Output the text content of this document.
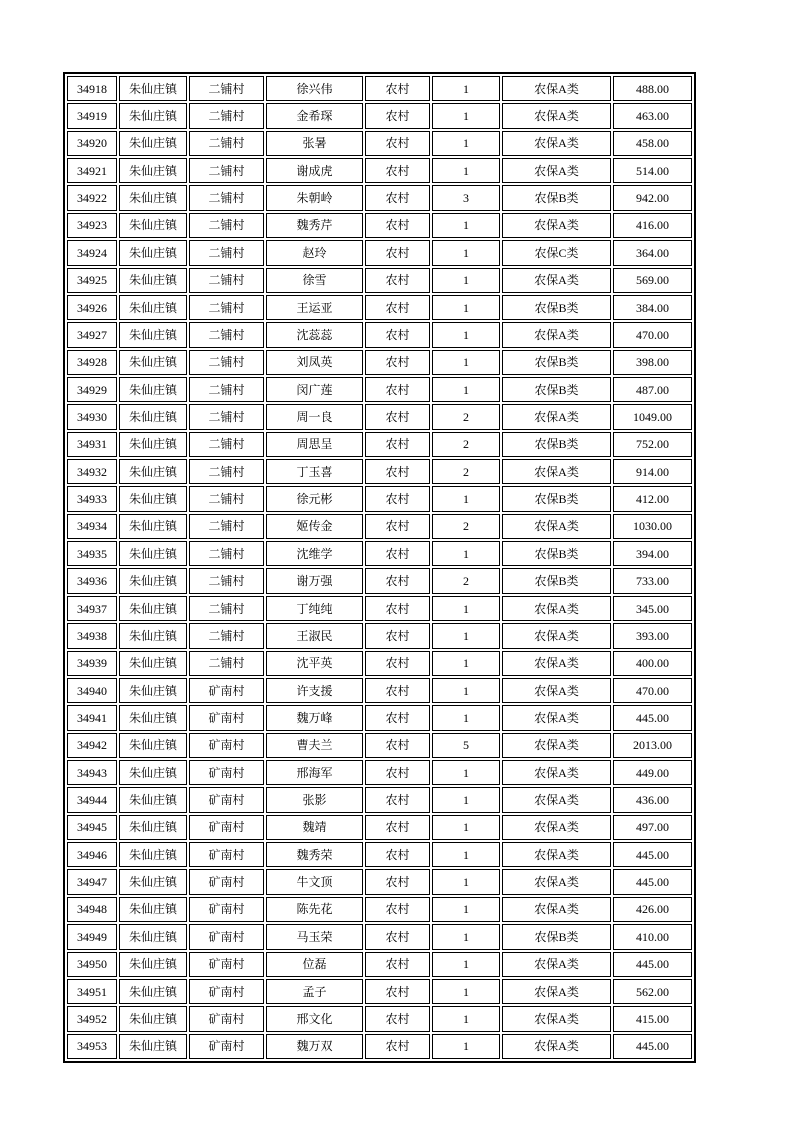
34918	朱仙庄镇	二铺村	徐兴伟	农村	1	农保A类	488.00
34919	朱仙庄镇	二铺村	金希琛	农村	1	农保A类	463.00
34920	朱仙庄镇	二铺村	张暑	农村	1	农保A类	458.00
34921	朱仙庄镇	二铺村	谢成虎	农村	1	农保A类	514.00
34922	朱仙庄镇	二铺村	朱朝岭	农村	3	农保B类	942.00
34923	朱仙庄镇	二铺村	魏秀芹	农村	1	农保A类	416.00
34924	朱仙庄镇	二铺村	赵玲	农村	1	农保C类	364.00
34925	朱仙庄镇	二铺村	徐雪	农村	1	农保A类	569.00
34926	朱仙庄镇	二铺村	王运亚	农村	1	农保B类	384.00
34927	朱仙庄镇	二铺村	沈蕊蕊	农村	1	农保A类	470.00
34928	朱仙庄镇	二铺村	刘凤英	农村	1	农保B类	398.00
34929	朱仙庄镇	二铺村	闵广莲	农村	1	农保B类	487.00
34930	朱仙庄镇	二铺村	周一良	农村	2	农保A类	1049.00
34931	朱仙庄镇	二铺村	周思呈	农村	2	农保B类	752.00
34932	朱仙庄镇	二铺村	丁玉喜	农村	2	农保A类	914.00
34933	朱仙庄镇	二铺村	徐元彬	农村	1	农保B类	412.00
34934	朱仙庄镇	二铺村	姬传金	农村	2	农保A类	1030.00
34935	朱仙庄镇	二铺村	沈维学	农村	1	农保B类	394.00
34936	朱仙庄镇	二铺村	谢万强	农村	2	农保B类	733.00
34937	朱仙庄镇	二铺村	丁纯纯	农村	1	农保A类	345.00
34938	朱仙庄镇	二铺村	王淑民	农村	1	农保A类	393.00
34939	朱仙庄镇	二铺村	沈平英	农村	1	农保A类	400.00
34940	朱仙庄镇	矿南村	许支援	农村	1	农保A类	470.00
34941	朱仙庄镇	矿南村	魏万峰	农村	1	农保A类	445.00
34942	朱仙庄镇	矿南村	曹夫兰	农村	5	农保A类	2013.00
34943	朱仙庄镇	矿南村	邢海军	农村	1	农保A类	449.00
34944	朱仙庄镇	矿南村	张影	农村	1	农保A类	436.00
34945	朱仙庄镇	矿南村	魏靖	农村	1	农保A类	497.00
34946	朱仙庄镇	矿南村	魏秀荣	农村	1	农保A类	445.00
34947	朱仙庄镇	矿南村	牛文顶	农村	1	农保A类	445.00
34948	朱仙庄镇	矿南村	陈先花	农村	1	农保A类	426.00
34949	朱仙庄镇	矿南村	马玉荣	农村	1	农保B类	410.00
34950	朱仙庄镇	矿南村	位磊	农村	1	农保A类	445.00
34951	朱仙庄镇	矿南村	孟子	农村	1	农保A类	562.00
34952	朱仙庄镇	矿南村	邢文化	农村	1	农保A类	415.00
34953	朱仙庄镇	矿南村	魏万双	农村	1	农保A类	445.00
